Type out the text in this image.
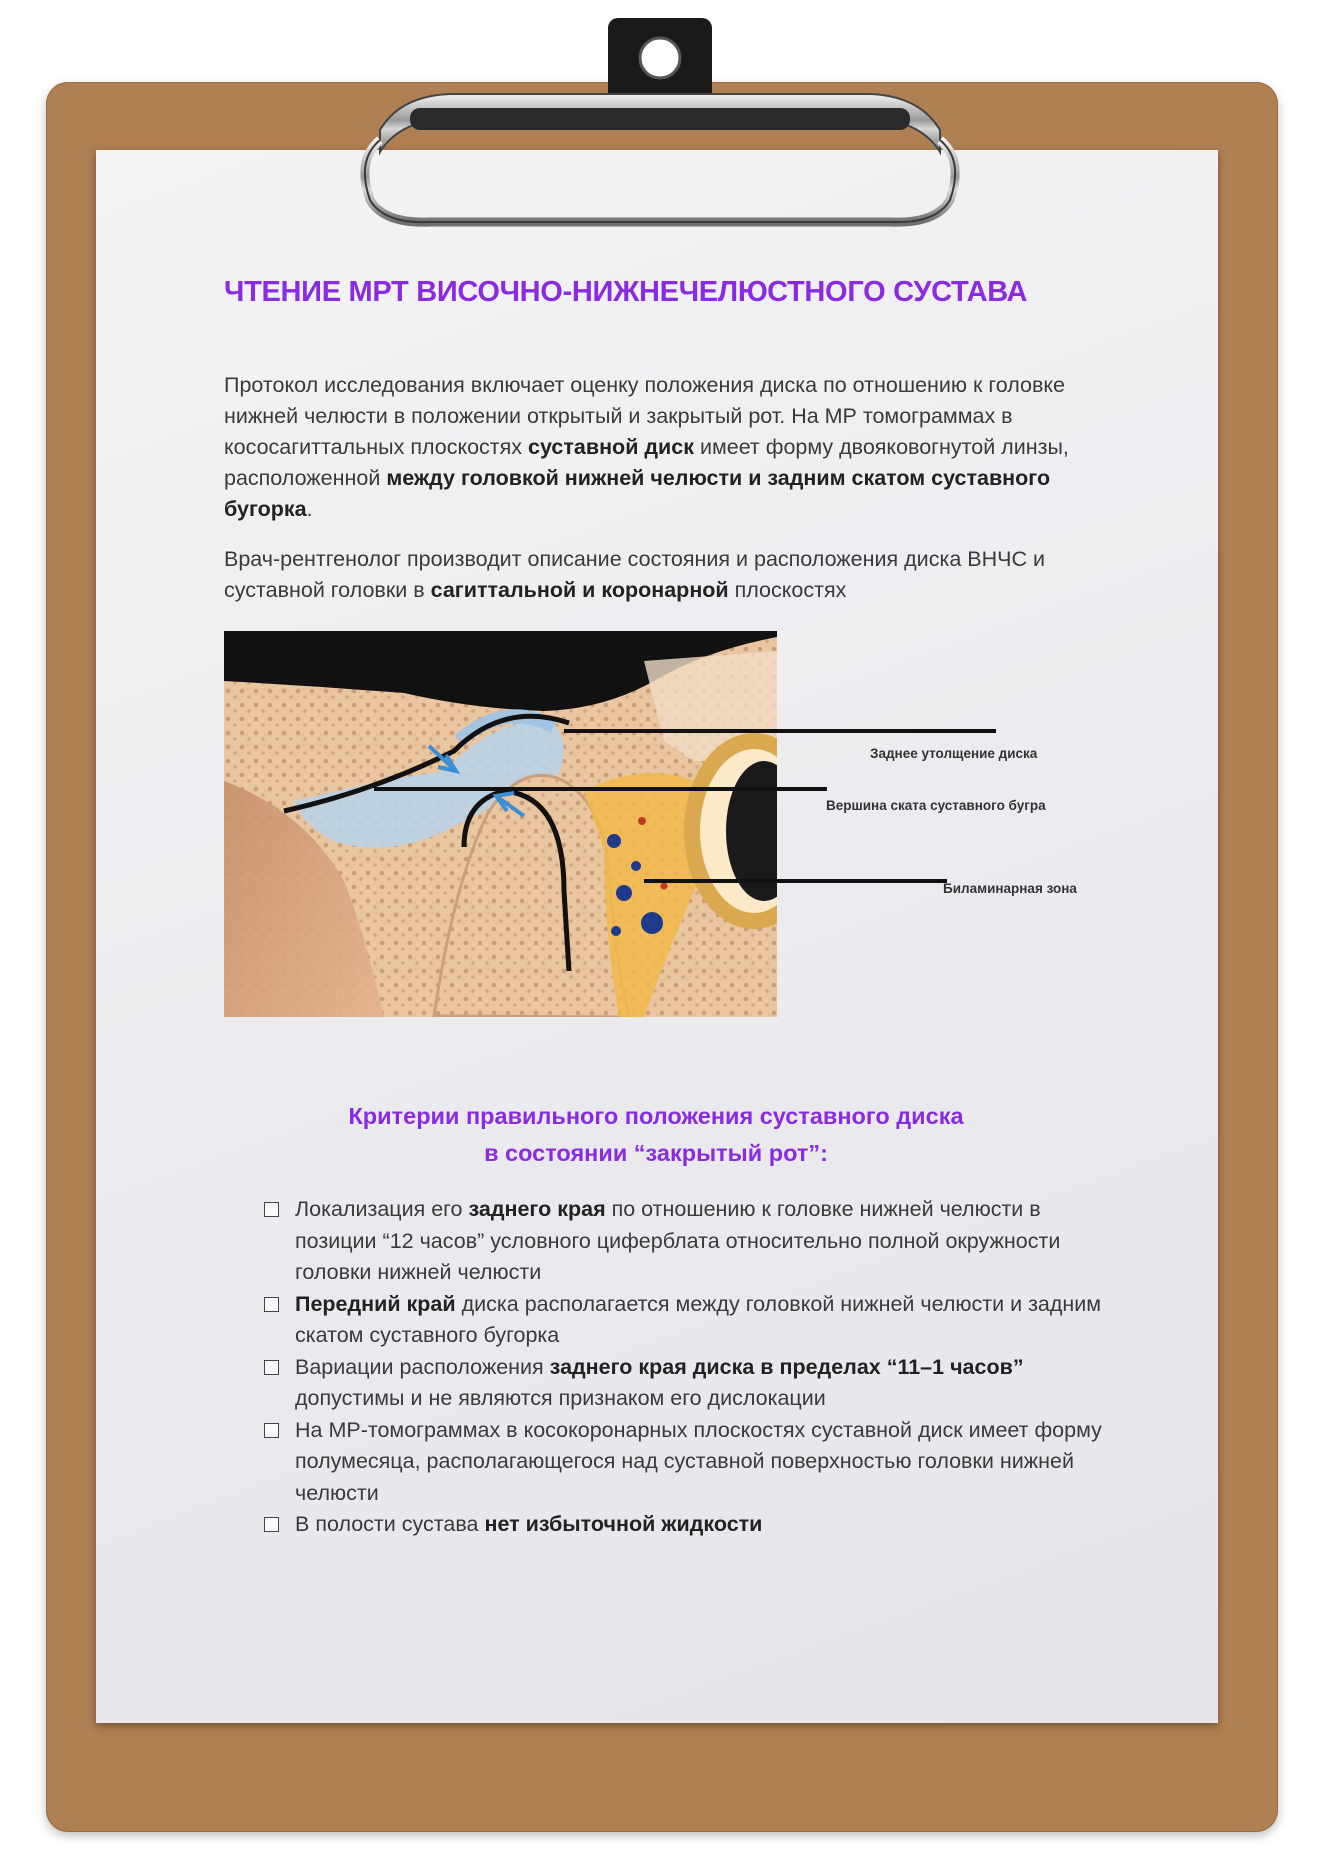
ЧТЕНИЕ МРТ ВИСОЧНО-НИЖНЕЧЕЛЮСТНОГО СУСТАВА

Протокол исследования включает оценку положения диска по отношению к головке нижней челюсти в положении открытый и закрытый рот. На МР томограммах в кососагиттальных плоскостях суставной диск имеет форму двояковогнутой линзы, расположенной между головкой нижней челюсти и задним скатом суставного бугорка.

Врач-рентгенолог производит описание состояния и расположения диска ВНЧС и суставной головки в сагиттальной и коронарной плоскостях

Заднее утолщение диска
Вершина ската суставного бугра
Биламинарная зона
Критерии правильного положения суставного диска
в состоянии “закрытый рот”:
Локализация его заднего края по отношению к головке нижней челюсти в позиции “12 часов” условного циферблата относительно полной окружности головки нижней челюсти
Передний край диска располагается между головкой нижней челюсти и задним скатом суставного бугорка
Вариации расположения заднего края диска в пределах “11–1 часов” допустимы и не являются признаком его дислокации
На МР-томограммах в косокоронарных плоскостях суставной диск имеет форму полумесяца, располагающегося над суставной поверхностью головки нижней челюсти
В полости сустава нет избыточной жидкости
